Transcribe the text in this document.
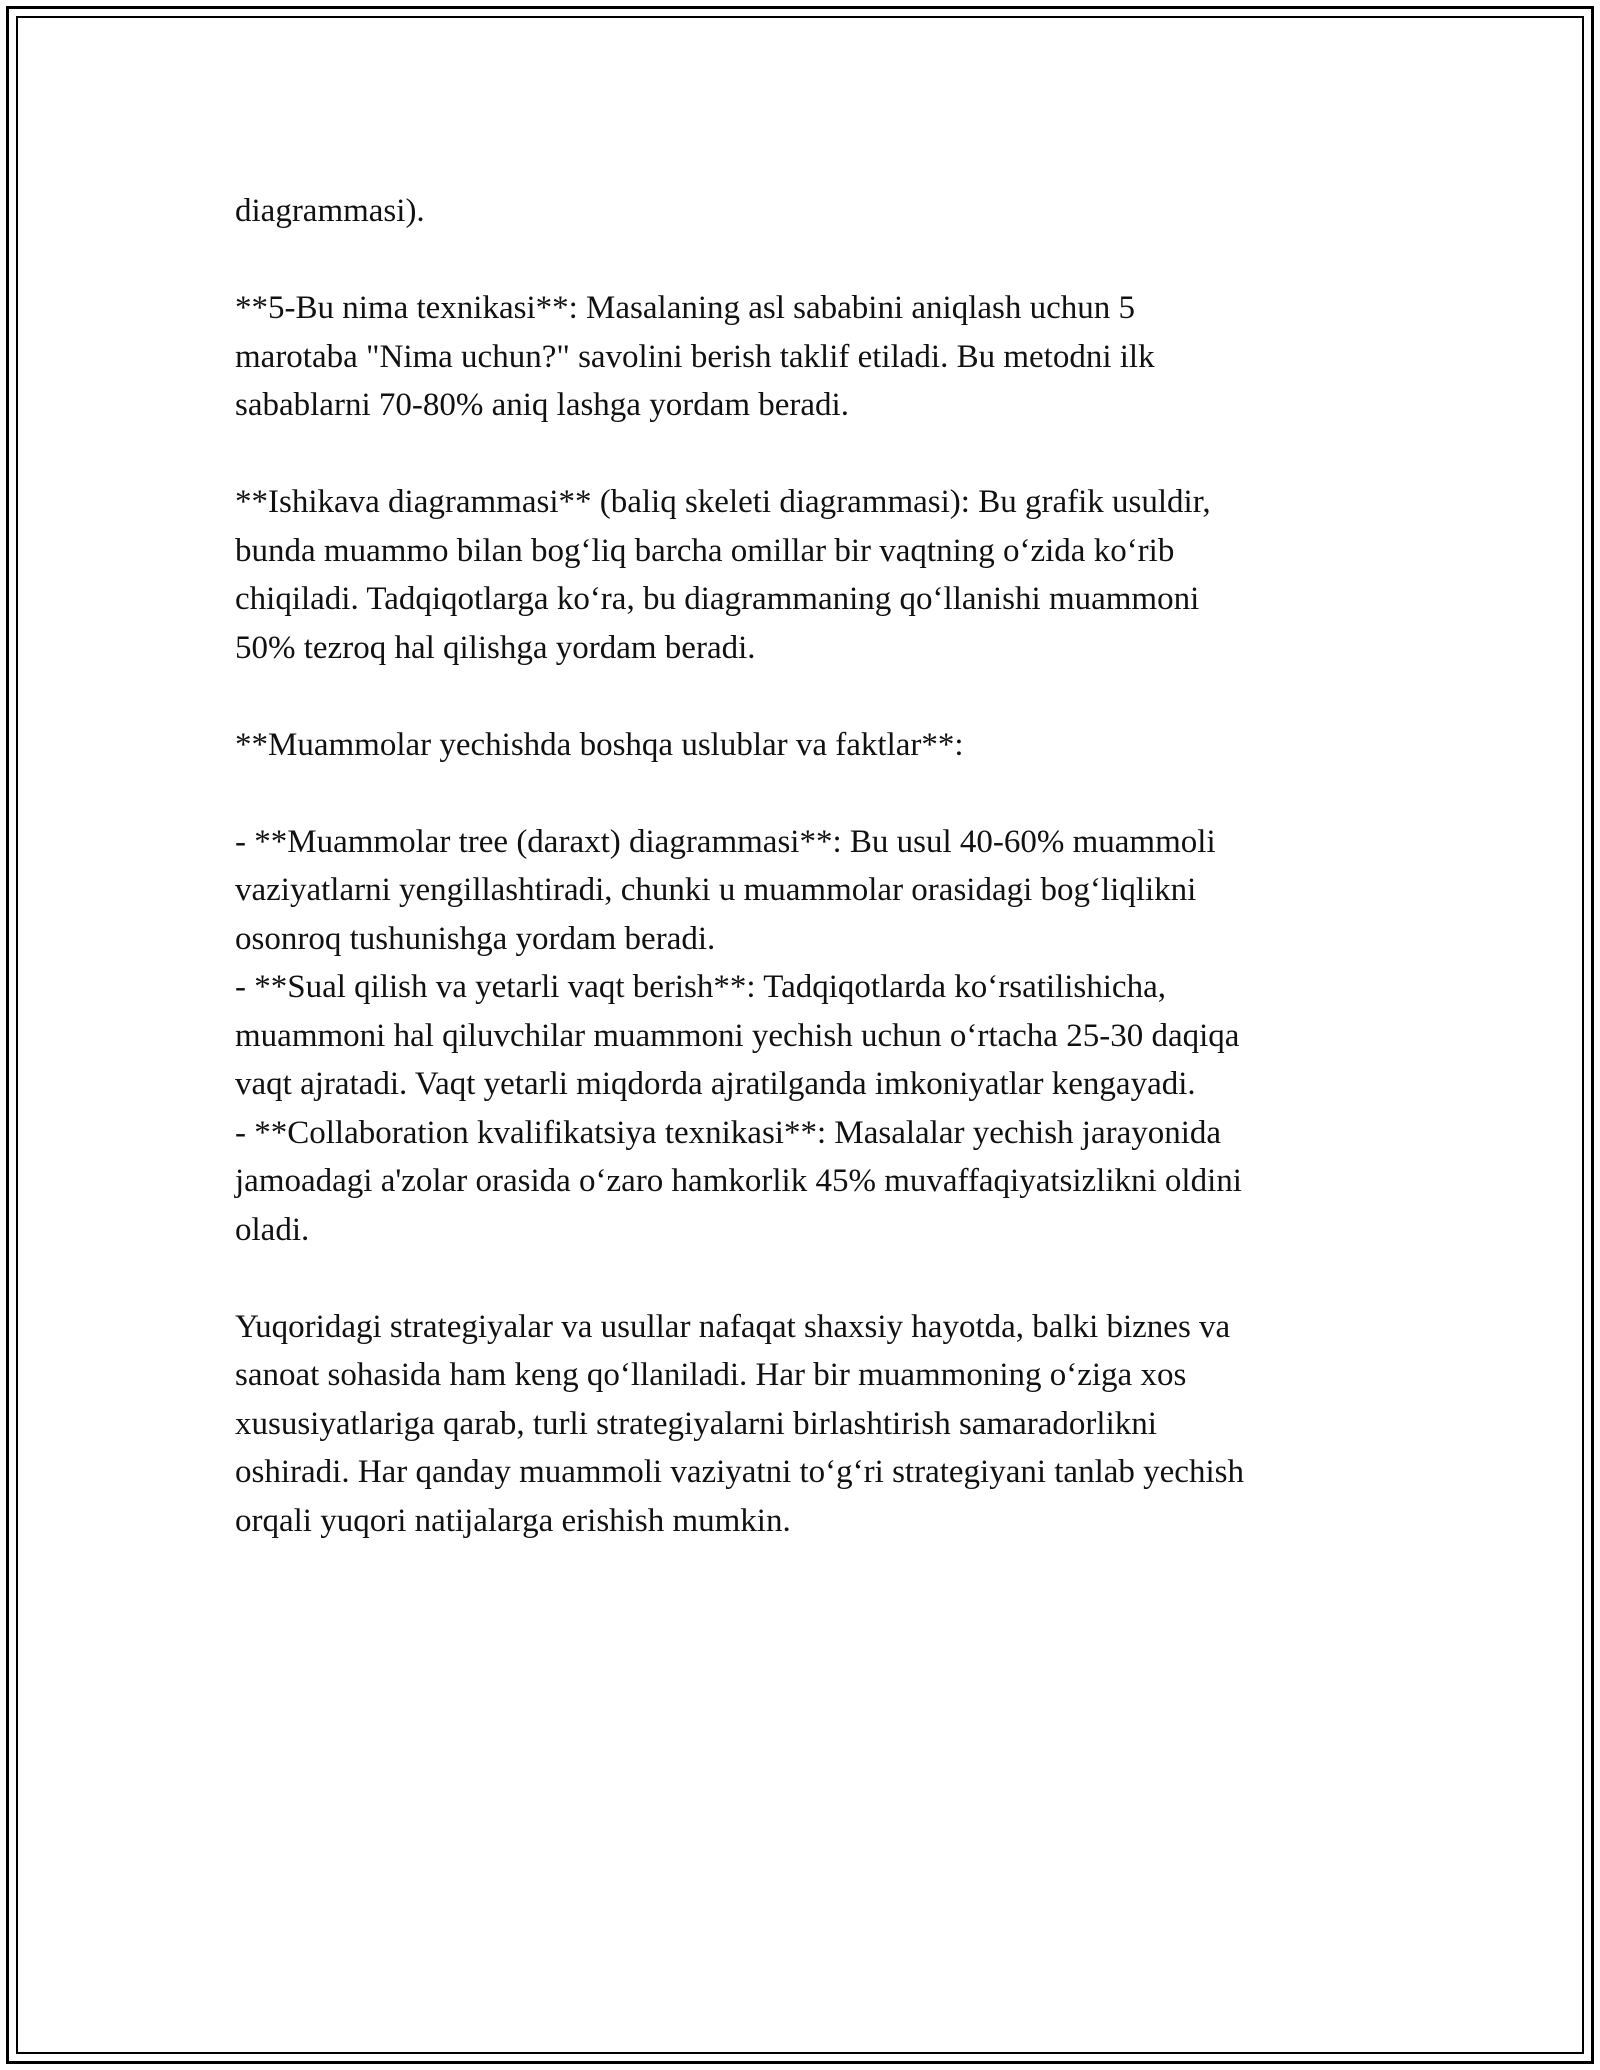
diagrammasi).
**5-Bu nima texnikasi**: Masalaning asl sababini aniqlash uchun 5
marotaba "Nima uchun?" savolini berish taklif etiladi. Bu metodni ilk
sabablarni 70-80% aniq lashga yordam beradi.
**Ishikava diagrammasi** (baliq skeleti diagrammasi): Bu grafik usuldir,
bunda muammo bilan bog‘liq barcha omillar bir vaqtning o‘zida ko‘rib
chiqiladi. Tadqiqotlarga ko‘ra, bu diagrammaning qo‘llanishi muammoni
50% tezroq hal qilishga yordam beradi.
**Muammolar yechishda boshqa uslublar va faktlar**:
- **Muammolar tree (daraxt) diagrammasi**: Bu usul 40-60% muammoli
vaziyatlarni yengillashtiradi, chunki u muammolar orasidagi bog‘liqlikni
osonroq tushunishga yordam beradi.
- **Sual qilish va yetarli vaqt berish**: Tadqiqotlarda ko‘rsatilishicha,
muammoni hal qiluvchilar muammoni yechish uchun o‘rtacha 25-30 daqiqa
vaqt ajratadi. Vaqt yetarli miqdorda ajratilganda imkoniyatlar kengayadi.
- **Collaboration kvalifikatsiya texnikasi**: Masalalar yechish jarayonida
jamoadagi a'zolar orasida o‘zaro hamkorlik 45% muvaffaqiyatsizlikni oldini
oladi.
Yuqoridagi strategiyalar va usullar nafaqat shaxsiy hayotda, balki biznes va
sanoat sohasida ham keng qo‘llaniladi. Har bir muammoning o‘ziga xos
xususiyatlariga qarab, turli strategiyalarni birlashtirish samaradorlikni
oshiradi. Har qanday muammoli vaziyatni to‘g‘ri strategiyani tanlab yechish
orqali yuqori natijalarga erishish mumkin.
